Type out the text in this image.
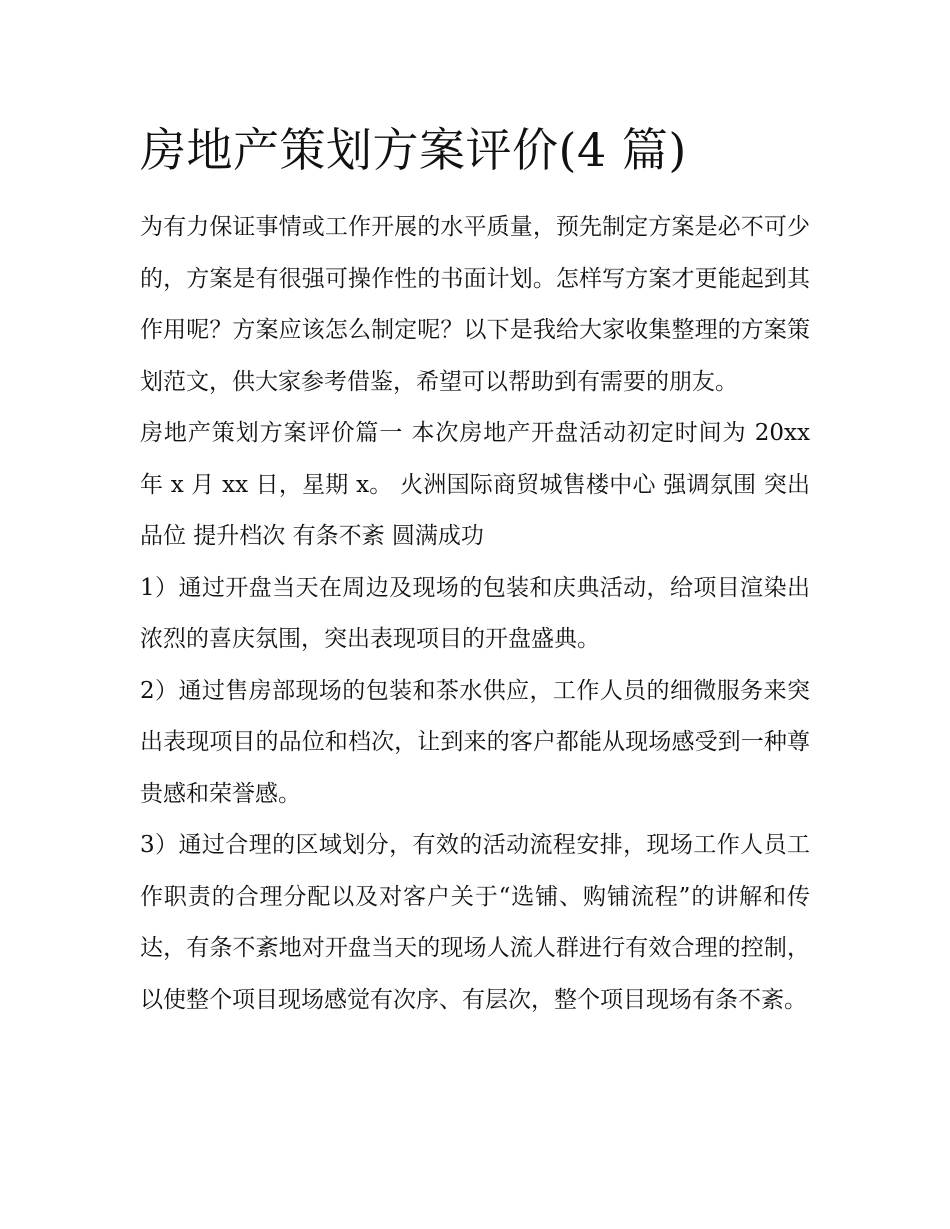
房地产策划方案评价(4 篇)

为有力保证事情或工作开展的水平质量，预先制定方案是必不可少的，方案是有很强可操作性的书面计划。怎样写方案才更能起到其作用呢？方案应该怎么制定呢？以下是我给大家收集整理的方案策划范文，供大家参考借鉴，希望可以帮助到有需要的朋友。

房地产策划方案评价篇一 本次房地产开盘活动初定时间为 20xx 年 x 月 xx 日，星期 x。 火洲国际商贸城售楼中心 强调氛围 突出品位 提升档次 有条不紊 圆满成功

1）通过开盘当天在周边及现场的包装和庆典活动，给项目渲染出浓烈的喜庆氛围，突出表现项目的开盘盛典。

2）通过售房部现场的包装和茶水供应，工作人员的细微服务来突出表现项目的品位和档次，让到来的客户都能从现场感受到一种尊贵感和荣誉感。

3）通过合理的区域划分，有效的活动流程安排，现场工作人员工作职责的合理分配以及对客户关于“选铺、购铺流程”的讲解和传达，有条不紊地对开盘当天的现场人流人群进行有效合理的控制，以使整个项目现场感觉有次序、有层次，整个项目现场有条不紊。
